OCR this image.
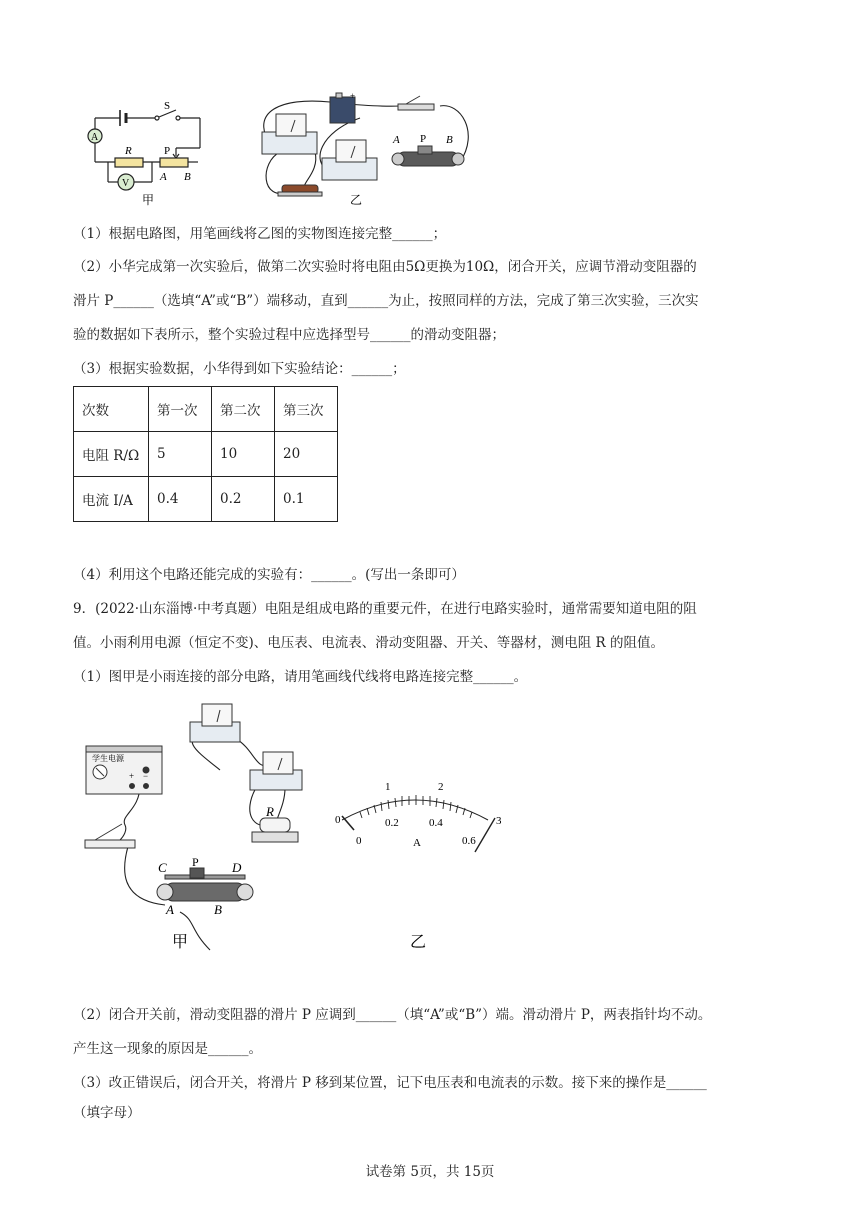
S
A
V
R	P
A B
甲
+
A P B
乙
（1）根据电路图，用笔画线将乙图的实物图连接完整______；
（2）小华完成第一次实验后，做第二次实验时将电阻由5Ω更换为10Ω，闭合开关，应调节滑动变阻器的
滑片 P______（选填“A”或“B”）端移动，直到______为止，按照同样的方法，完成了第三次实验，三次实
验的数据如下表所示，整个实验过程中应选择型号______的滑动变阻器；
（3）根据实验数据，小华得到如下实验结论：______；
次数	第一次	第二次	第三次
电阻 R/Ω	5	10	20
电流 I/A	0.4	0.2	0.1
（4）利用这个电路还能完成的实验有：______。(写出一条即可）
9．(2022·山东淄博·中考真题）电阻是组成电路的重要元件，在进行电路实验时，通常需要知道电阻的阻
值。小雨利用电源（恒定不变)、电压表、电流表、滑动变阻器、开关、等器材，测电阻 R 的阻值。
（1）图甲是小雨连接的部分电路，请用笔画线代线将电路连接完整______。
学生电源
+ −
R
C P	D
A	B
甲
1	2
3
0
0
0.2	0.4
0.6
A
乙
（2）闭合开关前，滑动变阻器的滑片 P 应调到______（填“A”或“B”）端。滑动滑片 P，两表指针均不动。
产生这一现象的原因是______。
（3）改正错误后，闭合开关，将滑片 P 移到某位置，记下电压表和电流表的示数。接下来的操作是______
（填字母）
试卷第 5页，共 15页
